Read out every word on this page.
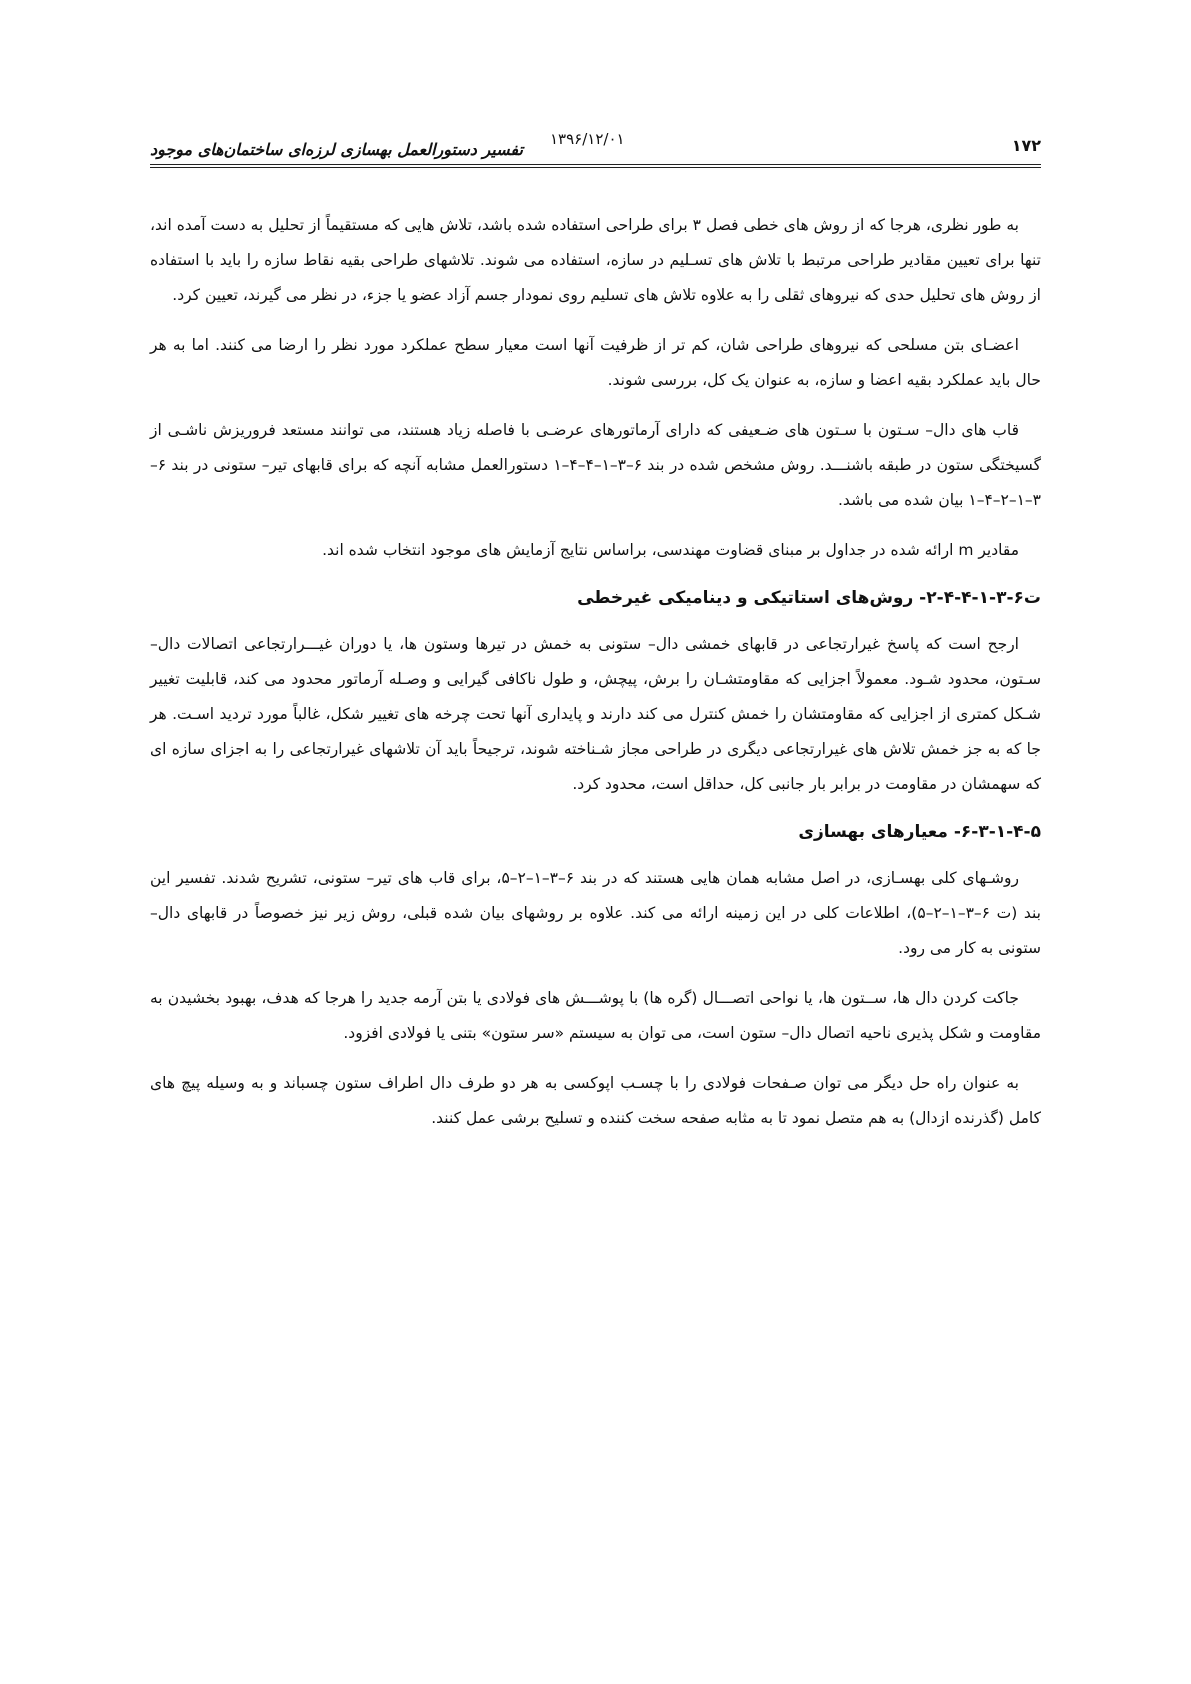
۱۷۲
۱۳۹۶/۱۲/۰۱
تفسیر دستورالعمل بهسازی لرزه‌ای ساختمان‌های موجود

به طور نظری، هرجا که از روش های خطی فصل ۳ برای طراحی استفاده شده باشد، تلاش هایی که مستقیماً از تحلیل به دست آمده اند، تنها برای تعیین مقادیر طراحی مرتبط با تلاش های تسـلیم در سازه، استفاده می شوند. تلاشهای طراحی بقیه نقاط سازه را باید با استفاده از روش های تحلیل حدی که نیروهای ثقلی را به علاوه تلاش های تسلیم روی نمودار جسم آزاد عضو یا جزء، در نظر می گیرند، تعیین کرد.

اعضـای بتن مسلحی که نیروهای طراحی شان، کم تر از ظرفیت آنها است معیار سطح عملکرد مورد نظر را ارضا می کنند. اما به هر حال باید عملکرد بقیه اعضا و سازه، به عنوان یک کل، بررسی شوند.

قاب های دال– سـتون با سـتون های ضـعیفی که دارای آرماتورهای عرضـی با فاصله زیاد هستند، می توانند مستعد فروریزش ناشـی از گسیختگی ستون در طبقه باشنـــد. روش مشخص شده در بند ۶–۳–۱–۴–۴–۱ دستورالعمل مشابه آنچه که برای قابهای تیر– ستونی در بند ۶–۳–۱–۲–۴–۱ بیان شده می باشد.

مقادیر m ارائه شده در جداول بر مبنای قضاوت مهندسی، براساس نتایج آزمایش های موجود انتخاب شده اند.

ت۶-۳-۱-۴-۴-۲- روش‌های استاتیکی و دینامیکی غیرخطی

ارجح است که پاسخ غیرارتجاعی در قابهای خمشی دال– ستونی به خمش در تیرها وستون ها، یا دوران غیـــرارتجاعی اتصالات دال– سـتون، محدود شـود. معمولاً اجزایی که مقاومتشـان را برش، پیچش، و طول ناکافی گیرایی و وصـله آرماتور محدود می کند، قابلیت تغییر شـکل کمتری از اجزایی که مقاومتشان را خمش کنترل می کند دارند و پایداری آنها تحت چرخه های تغییر شکل، غالباً مورد تردید اسـت. هر جا که به جز خمش تلاش های غیرارتجاعی دیگری در طراحی مجاز شـناخته شوند، ترجیحاً باید آن تلاشهای غیرارتجاعی را به اجزای سازه ای که سهمشان در مقاومت در برابر بار جانبی کل، حداقل است، محدود کرد.

۶-۳-۱-۴-۵- معیارهای بهسازی

روشـهای کلی بهسـازی، در اصل مشابه همان هایی هستند که در بند ۶–۳–۱–۲–۵، برای قاب های تیر– ستونی، تشریح شدند. تفسیر این بند (ت ۶–۳–۱–۲–۵)، اطلاعات کلی در این زمینه ارائه می کند. علاوه بر روشهای بیان شده قبلی، روش زیر نیز خصوصاً در قابهای دال– ستونی به کار می رود.

جاکت کردن دال ها، ســتون ها، یا نواحی اتصـــال (گره ها) با پوشـــش های فولادی یا بتن آرمه جدید را هرجا که هدف، بهبود بخشیدن به مقاومت و شکل پذیری ناحیه اتصال دال– ستون است، می توان به سیستم «سر ستون» بتنی یا فولادی افزود.

به عنوان راه حل دیگر می توان صـفحات فولادی را با چسـب اپوکسی به هر دو طرف دال اطراف ستون چسباند و به وسیله پیچ های کامل (گذرنده ازدال) به هم متصل نمود تا به مثابه صفحه سخت کننده و تسلیح برشی عمل کنند.
